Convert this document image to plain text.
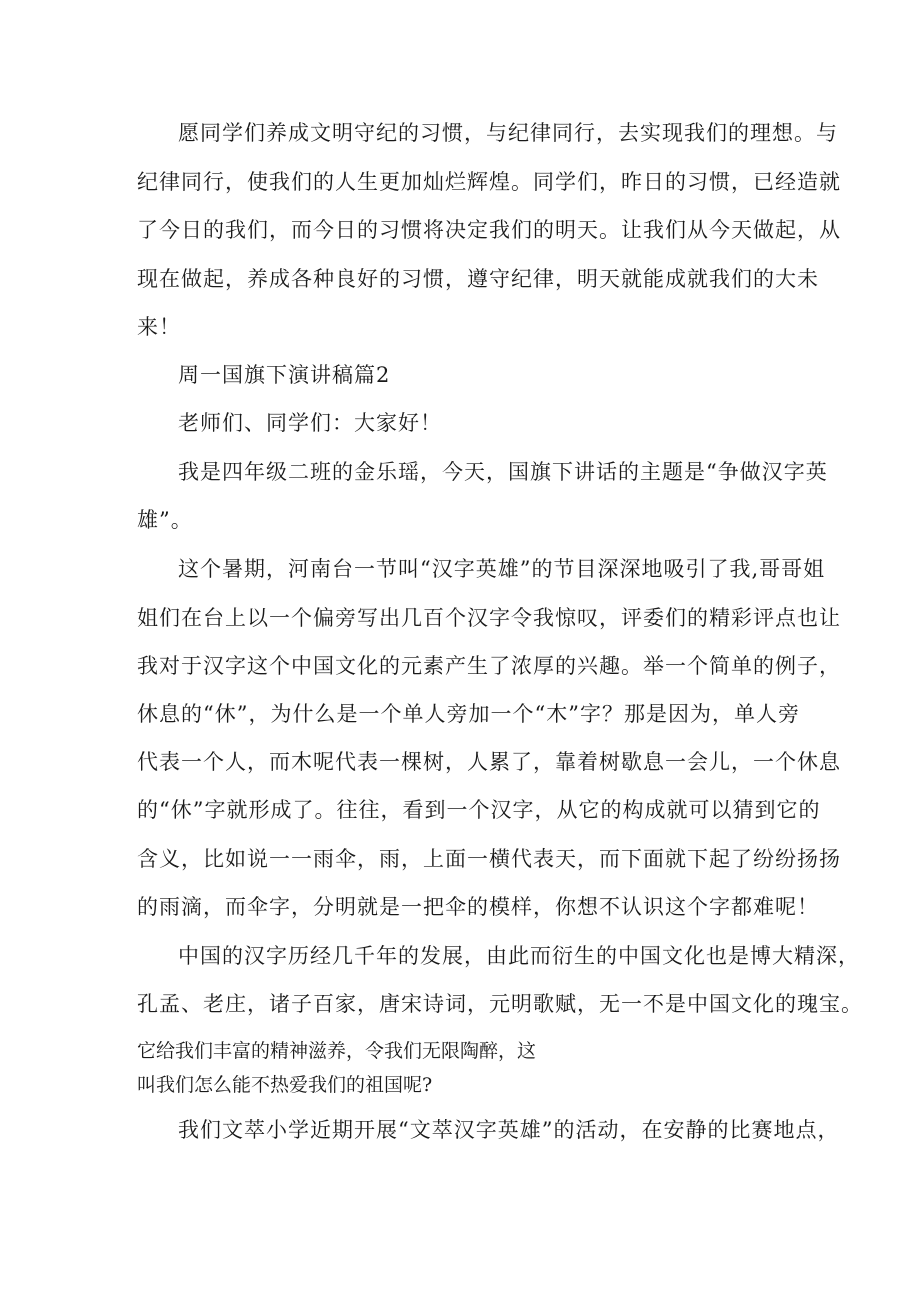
愿同学们养成文明守纪的习惯，与纪律同行，去实现我们的理想。与
纪律同行，使我们的人生更加灿烂辉煌。同学们，昨日的习惯，已经造就
了今日的我们，而今日的习惯将决定我们的明天。让我们从今天做起，从
现在做起，养成各种良好的习惯，遵守纪律，明天就能成就我们的大未
来！
周一国旗下演讲稿篇2
老师们、同学们：大家好！
我是四年级二班的金乐瑶，今天，国旗下讲话的主题是“争做汉字英
雄”。
这个暑期，河南台一节叫“汉字英雄”的节目深深地吸引了我,哥哥姐
姐们在台上以一个偏旁写出几百个汉字令我惊叹，评委们的精彩评点也让
我对于汉字这个中国文化的元素产生了浓厚的兴趣。举一个简单的例子，
休息的“休”，为什么是一个单人旁加一个“木”字？那是因为，单人旁
代表一个人，而木呢代表一棵树，人累了，靠着树歇息一会儿，一个休息
的“休”字就形成了。往往，看到一个汉字，从它的构成就可以猜到它的
含义，比如说一一雨伞，雨，上面一横代表天，而下面就下起了纷纷扬扬
的雨滴，而伞字，分明就是一把伞的模样，你想不认识这个字都难呢！
中国的汉字历经几千年的发展，由此而衍生的中国文化也是博大精深，
孔孟、老庄，诸子百家，唐宋诗词，元明歌赋，无一不是中国文化的瑰宝。
它给我们丰富的精神滋养，令我们无限陶醉，这
叫我们怎么能不热爱我们的祖国呢?
我们文萃小学近期开展“文萃汉字英雄”的活动，在安静的比赛地点，
